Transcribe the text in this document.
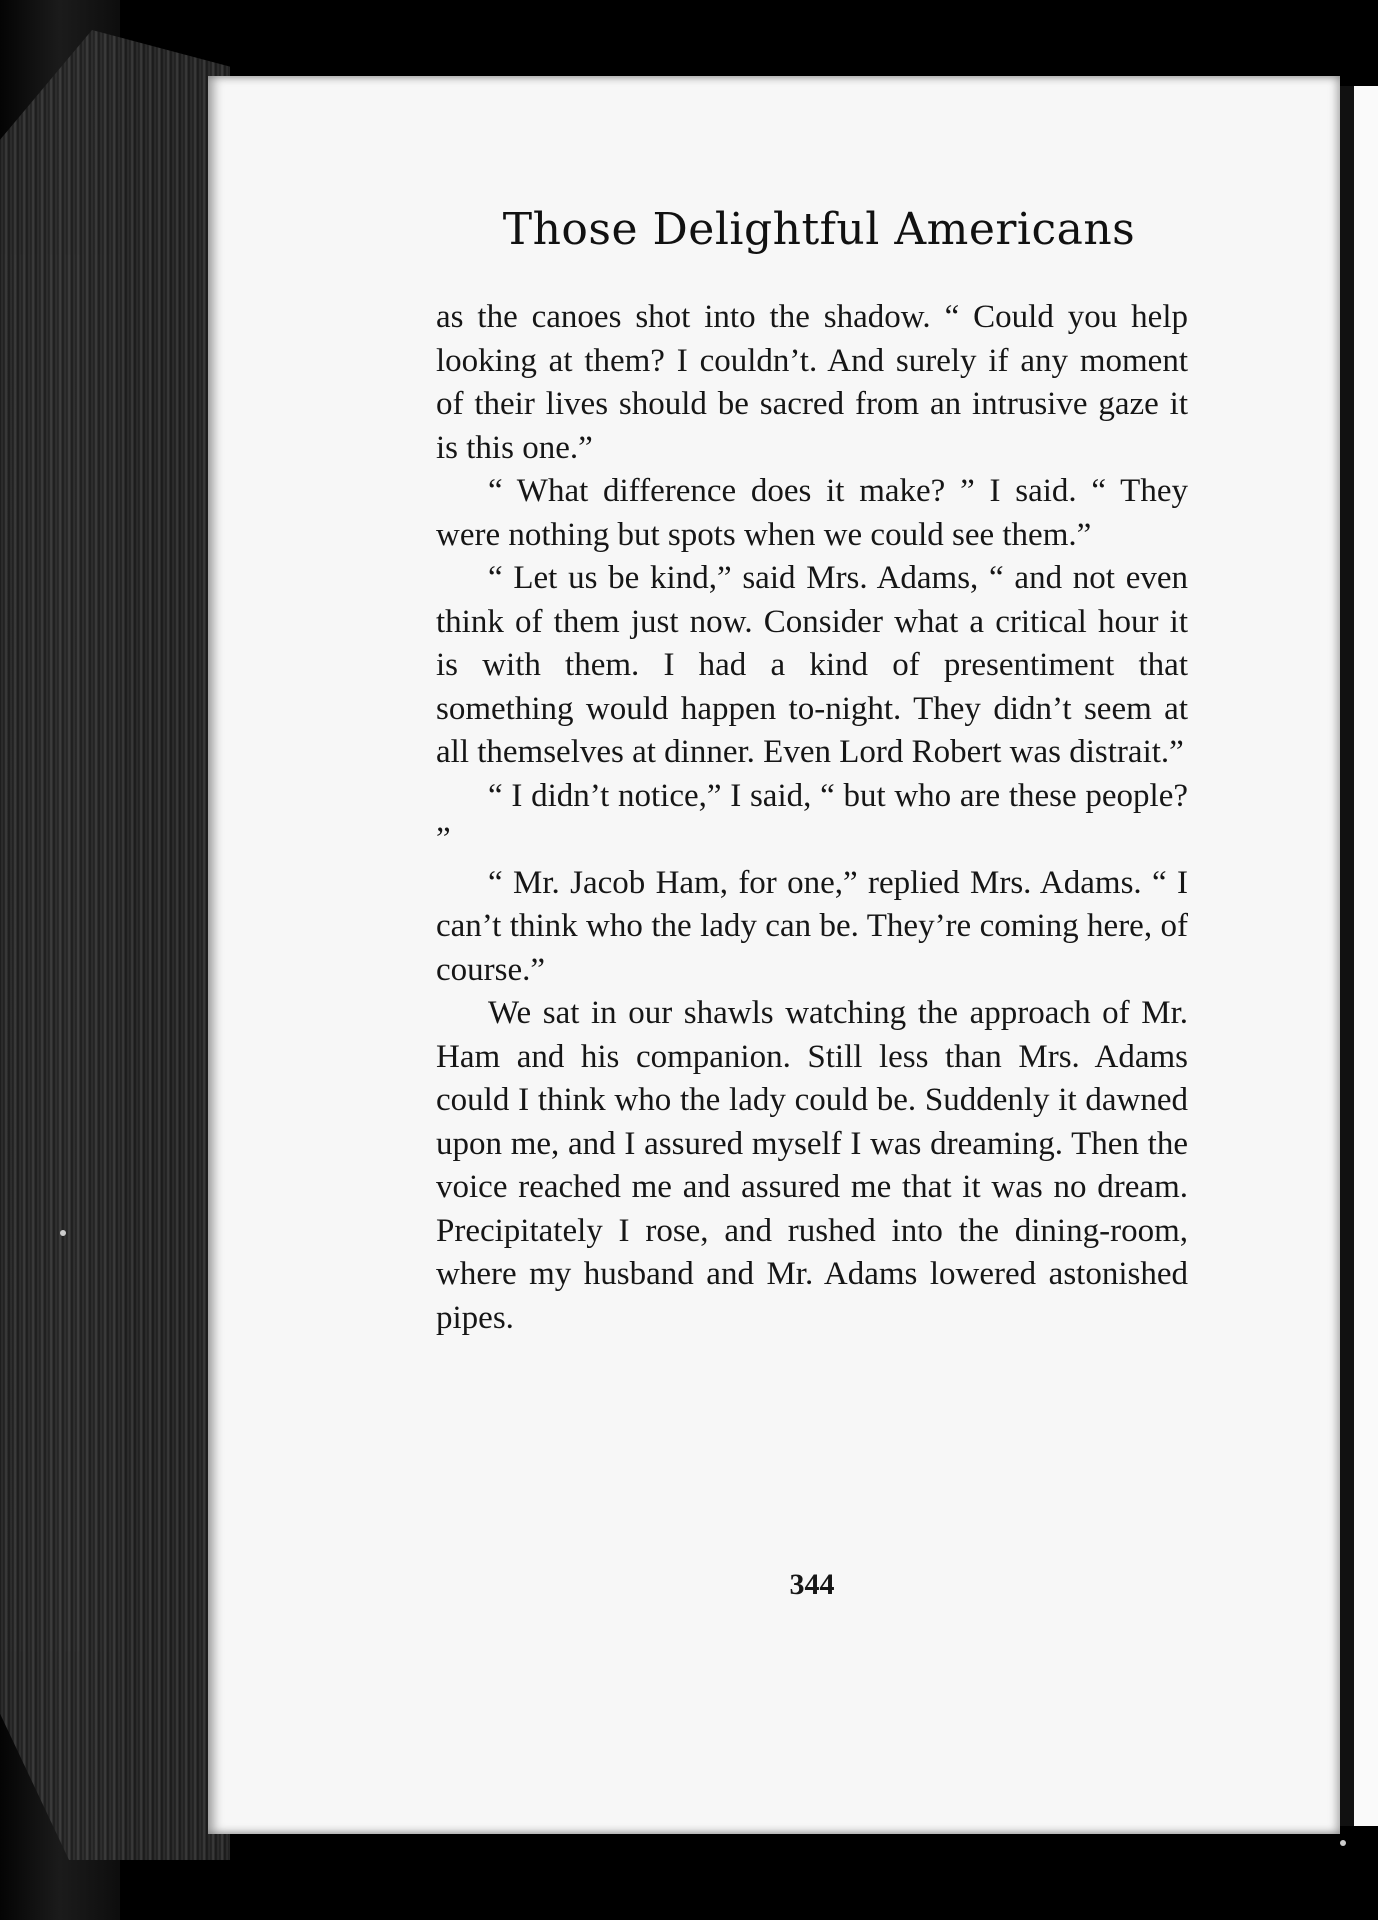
Those Delightful Americans

as the canoes shot into the shadow. “ Could you help looking at them? I couldn’t. And surely if any moment of their lives should be sacred from an intrusive gaze it is this one.”

“ What difference does it make? ” I said. “ They were nothing but spots when we could see them.”

“ Let us be kind,” said Mrs. Adams, “ and not even think of them just now. Consider what a critical hour it is with them. I had a kind of presentiment that something would happen to-night. They didn’t seem at all themselves at dinner. Even Lord Robert was distrait.”

“ I didn’t notice,” I said, “ but who are these people? ”

“ Mr. Jacob Ham, for one,” replied Mrs. Adams. “ I can’t think who the lady can be. They’re coming here, of course.”

We sat in our shawls watching the approach of Mr. Ham and his companion. Still less than Mrs. Adams could I think who the lady could be. Suddenly it dawned upon me, and I assured myself I was dreaming. Then the voice reached me and assured me that it was no dream. Precipitately I rose, and rushed into the dining-room, where my husband and Mr. Adams lowered astonished pipes.

344
